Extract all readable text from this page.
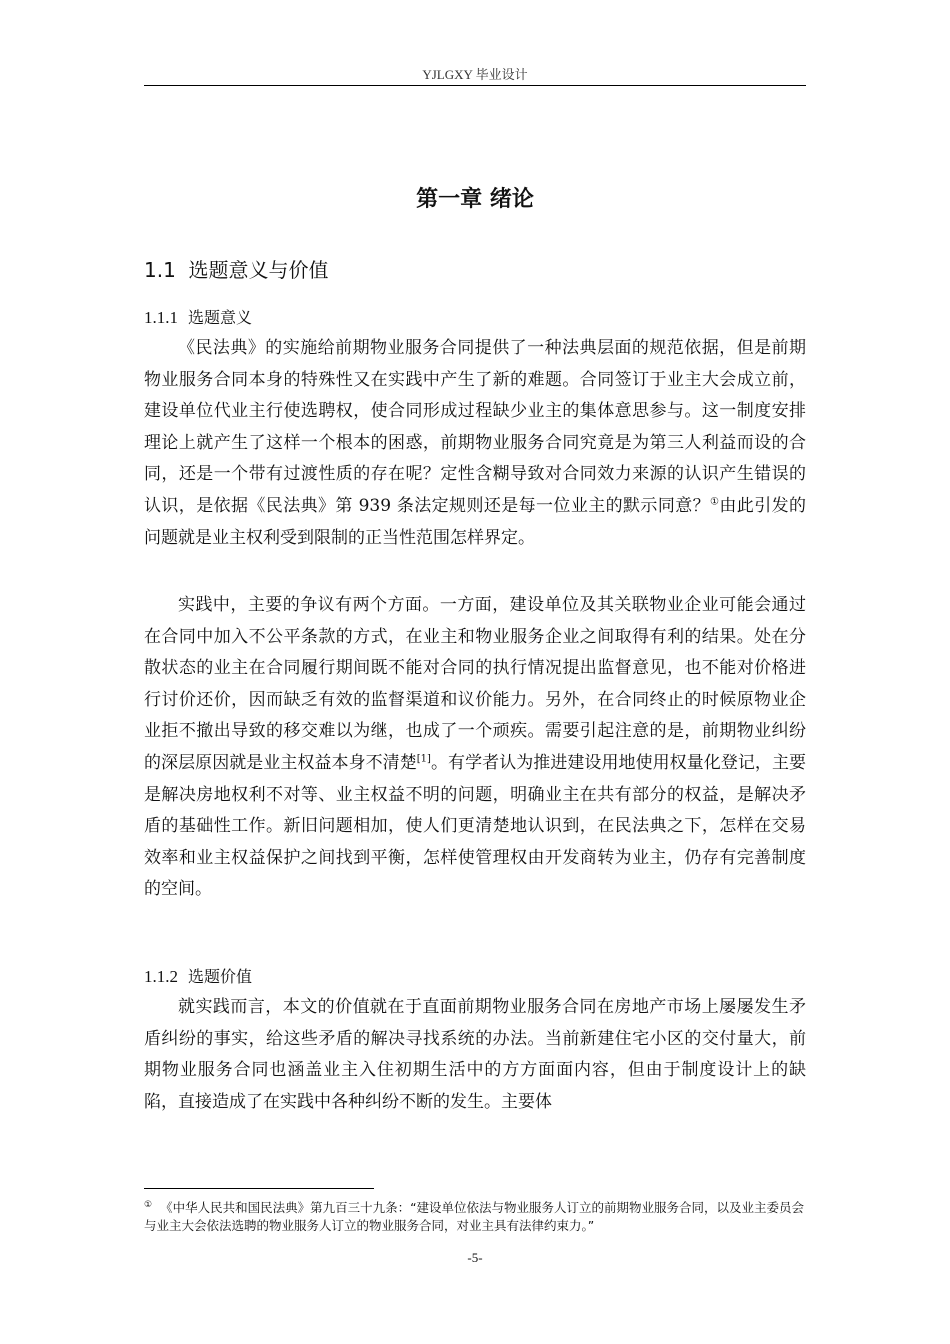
YJLGXY 毕业设计
第一章 绪论
1.1 选题意义与价值
1.1.1 选题意义

《民法典》的实施给前期物业服务合同提供了一种法典层面的规范依据，但是前期物业服务合同本身的特殊性又在实践中产生了新的难题。合同签订于业主大会成立前，建设单位代业主行使选聘权，使合同形成过程缺少业主的集体意思参与。这一制度安排理论上就产生了这样一个根本的困惑，前期物业服务合同究竟是为第三人利益而设的合同，还是一个带有过渡性质的存在呢？定性含糊导致对合同效力来源的认识产生错误的认识，是依据《民法典》第 939 条法定规则还是每一位业主的默示同意？①由此引发的问题就是业主权利受到限制的正当性范围怎样界定。

实践中，主要的争议有两个方面。一方面，建设单位及其关联物业企业可能会通过在合同中加入不公平条款的方式，在业主和物业服务企业之间取得有利的结果。处在分散状态的业主在合同履行期间既不能对合同的执行情况提出监督意见，也不能对价格进行讨价还价，因而缺乏有效的监督渠道和议价能力。另外，在合同终止的时候原物业企业拒不撤出导致的移交难以为继，也成了一个顽疾。需要引起注意的是，前期物业纠纷的深层原因就是业主权益本身不清楚[1]。有学者认为推进建设用地使用权量化登记，主要是解决房地权利不对等、业主权益不明的问题，明确业主在共有部分的权益，是解决矛盾的基础性工作。新旧问题相加，使人们更清楚地认识到，在民法典之下，怎样在交易效率和业主权益保护之间找到平衡，怎样使管理权由开发商转为业主，仍存有完善制度的空间。

1.1.2 选题价值

就实践而言，本文的价值就在于直面前期物业服务合同在房地产市场上屡屡发生矛盾纠纷的事实，给这些矛盾的解决寻找系统的办法。当前新建住宅小区的交付量大，前期物业服务合同也涵盖业主入住初期生活中的方方面面内容，但由于制度设计上的缺陷，直接造成了在实践中各种纠纷不断的发生。主要体

① 《中华人民共和国民法典》第九百三十九条：“建设单位依法与物业服务人订立的前期物业服务合同，以及业主委员会与业主大会依法选聘的物业服务人订立的物业服务合同，对业主具有法律约束力。”
-5-
